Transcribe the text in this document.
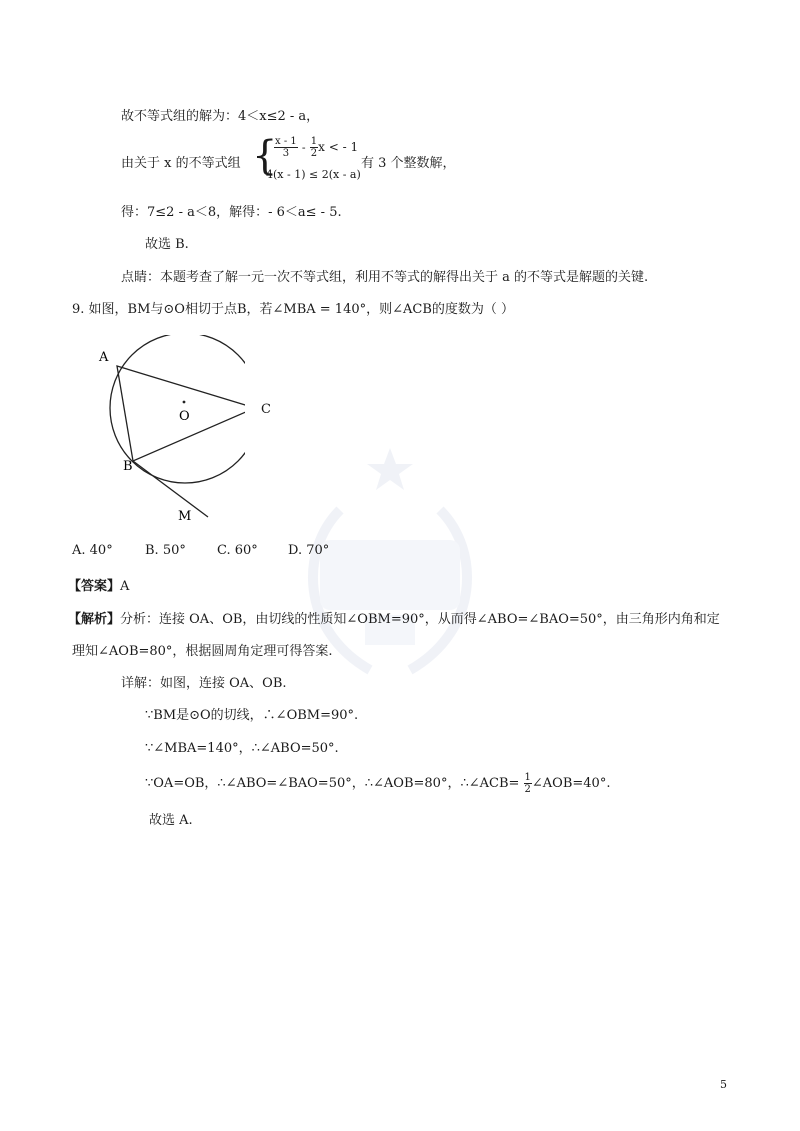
故不等式组的解为：4＜x≤2 - a，
由关于 x 的不等式组 {
$\frac{x - 1}{3} - \frac{1}{2}$ x < - 1
4(x - 1) ≤ 2(x - a)
有 3 个整数解，
得：7≤2 - a＜8，解得：- 6＜a≤ - 5.
故选 B.
点睛：本题考查了解一元一次不等式组，利用不等式的解得出关于 a 的不等式是解题的关键.
9. 如图，BM与⊙O相切于点B，若∠MBA = 140°，则∠ACB的度数为（ ）
A
B
O
M
C
A. 40° B. 50° C. 60° D. 70°
【答案】A
【解析】分析：连接 OA、OB，由切线的性质知∠OBM=90°，从而得∠ABO=∠BAO=50°，由三角形内角和定
理知∠AOB=80°，根据圆周角定理可得答案.
详解：如图，连接 OA、OB.
∵BM是⊙O的切线，∴∠OBM=90°.
∵∠MBA=140°，∴∠ABO=50°.
∵OA=OB，∴∠ABO=∠BAO=50°，∴∠AOB=80°，∴∠ACB= $\frac{1}{2}$ ∠AOB=40°.
故选 A.
5
